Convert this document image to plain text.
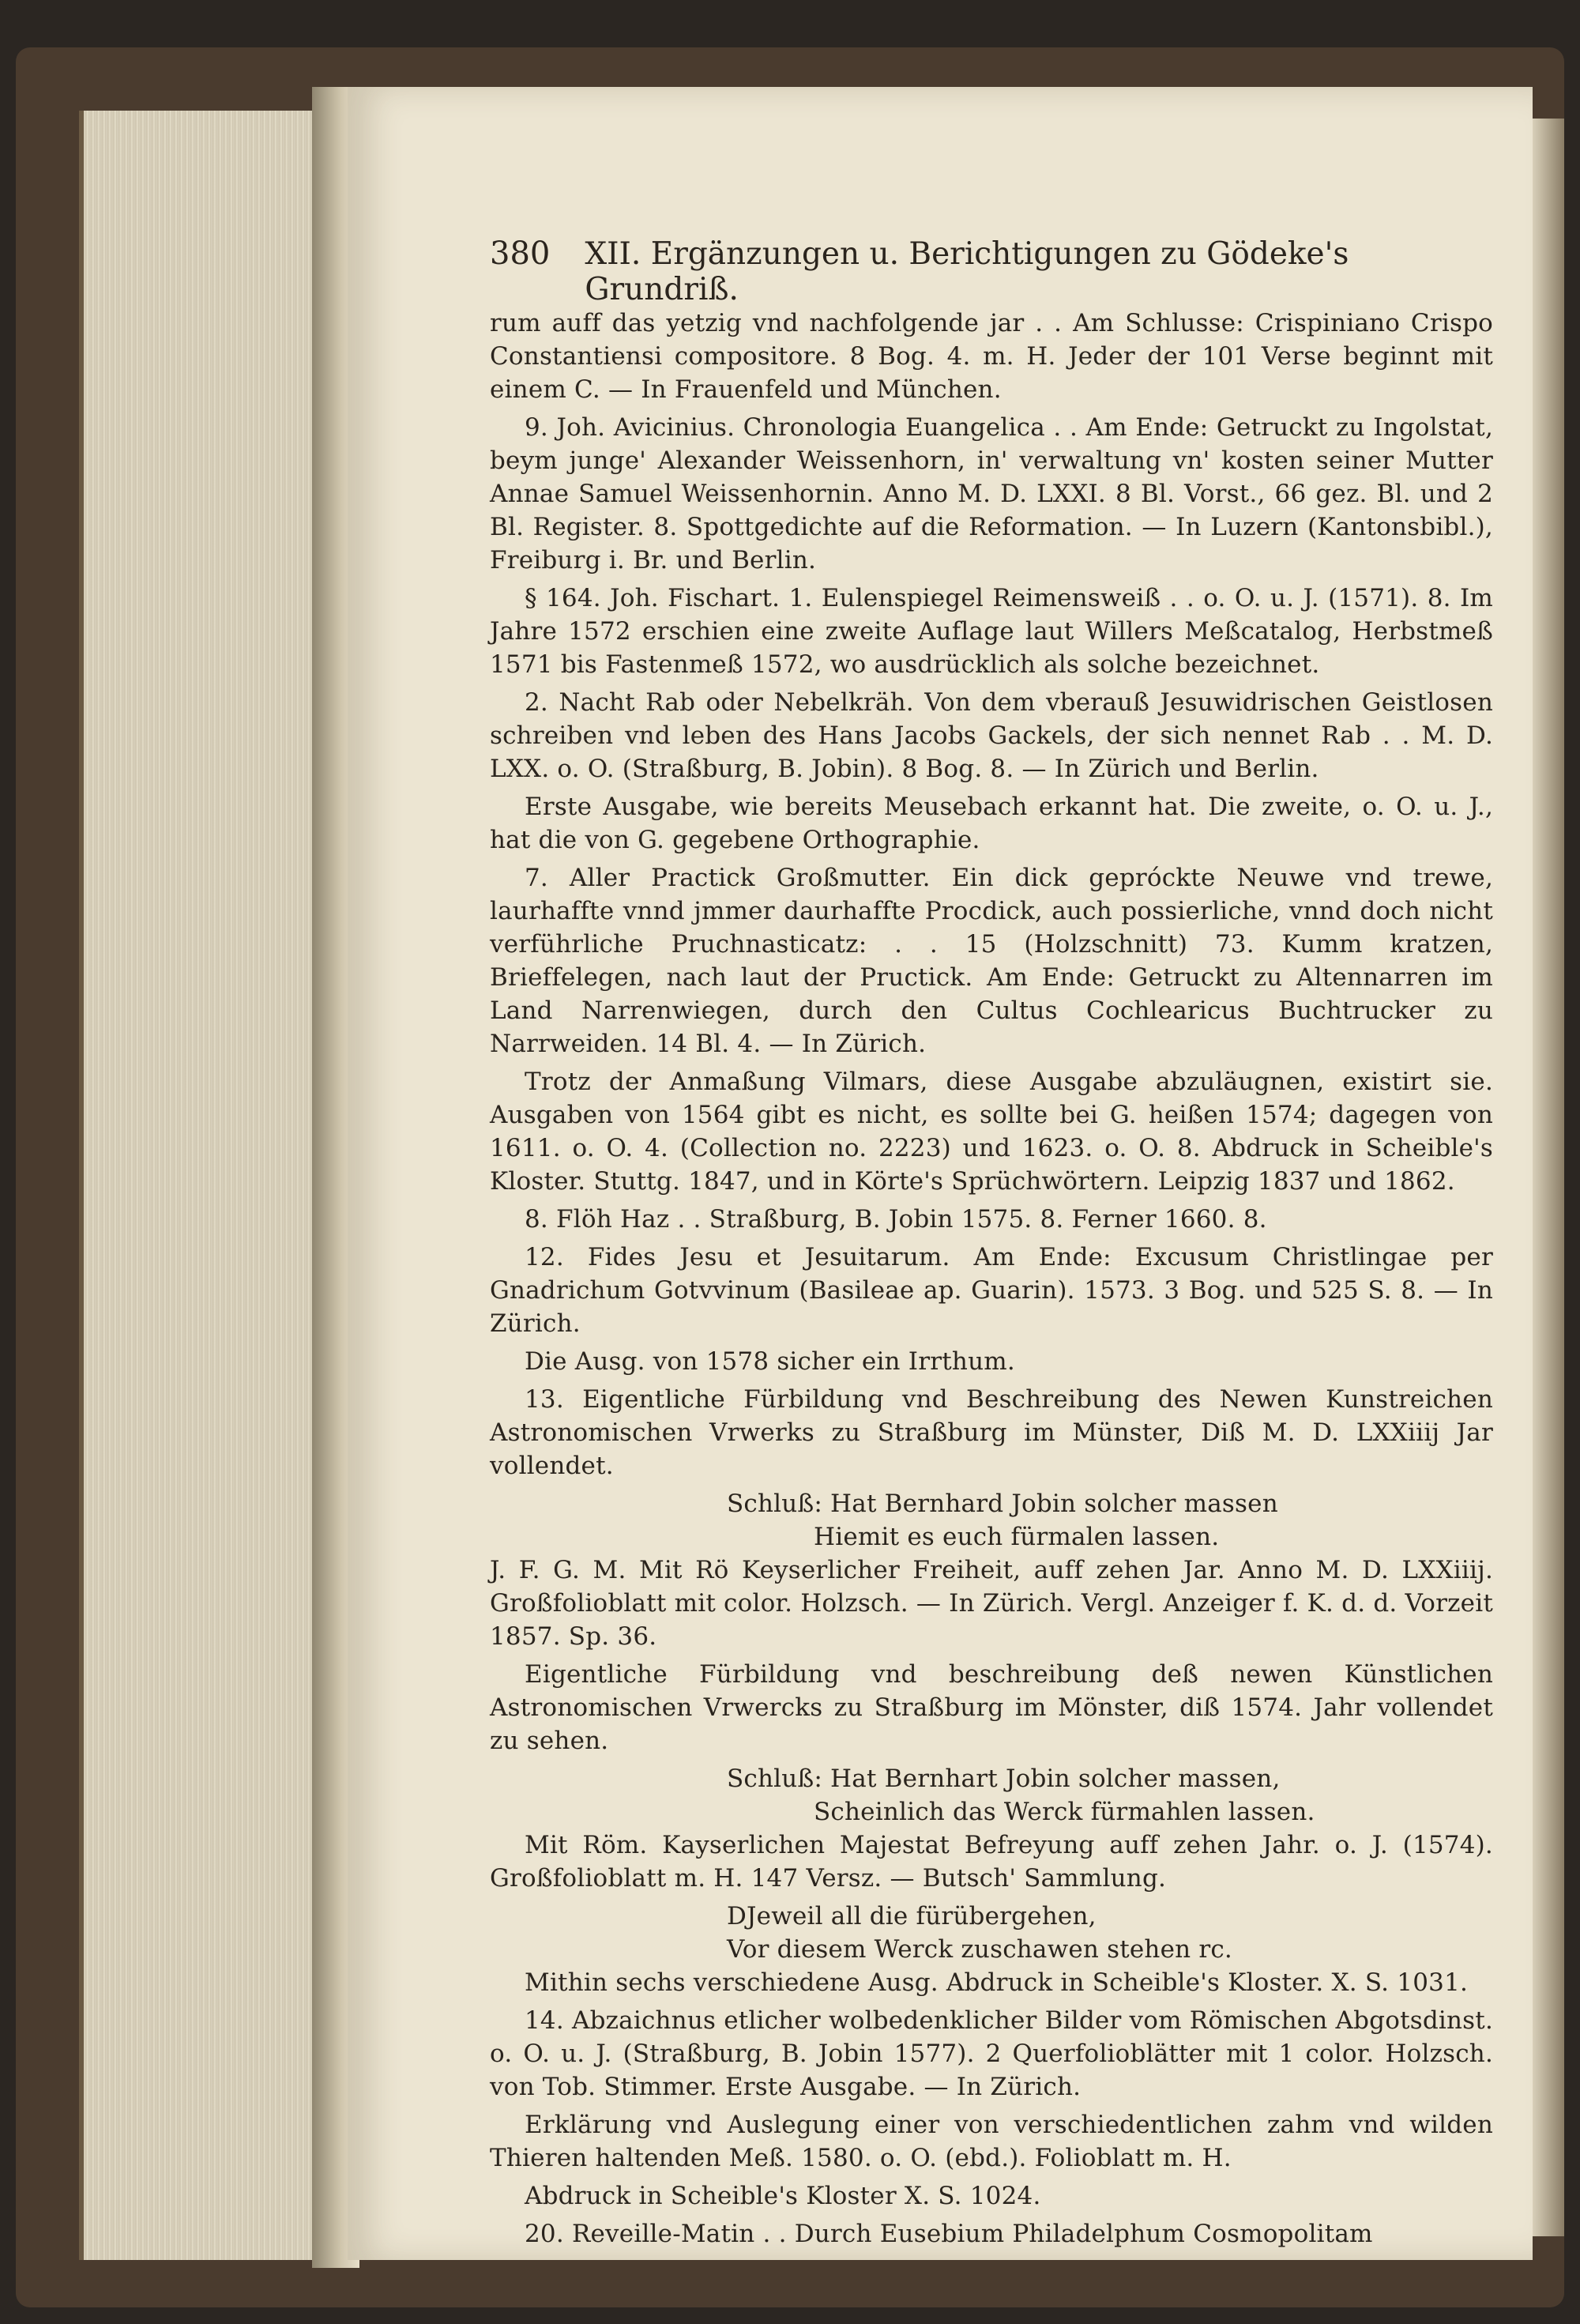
380 XII. Ergänzungen u. Berichtigungen zu Gödeke's Grundriß.

rum auff das yetzig vnd nachfolgende jar . . Am Schlusse: Crispiniano Crispo Constantiensi compositore. 8 Bog. 4. m. H. Jeder der 101 Verse beginnt mit einem C. — In Frauenfeld und München.

9. Joh. Avicinius. Chronologia Euangelica . . Am Ende: Getruckt zu Ingolstat, beym junge' Alexander Weissenhorn, in' verwaltung vn' kosten seiner Mutter Annae Samuel Weissenhornin. Anno M. D. LXXI. 8 Bl. Vorst., 66 gez. Bl. und 2 Bl. Register. 8. Spottgedichte auf die Reformation. — In Luzern (Kantonsbibl.), Freiburg i. Br. und Berlin.

§ 164. Joh. Fischart. 1. Eulenspiegel Reimensweiß . . o. O. u. J. (1571). 8. Im Jahre 1572 erschien eine zweite Auflage laut Willers Meßcatalog, Herbstmeß 1571 bis Fastenmeß 1572, wo ausdrücklich als solche bezeichnet.

2. Nacht Rab oder Nebelkräh. Von dem vberauß Jesuwidrischen Geistlosen schreiben vnd leben des Hans Jacobs Gackels, der sich nennet Rab . . M. D. LXX. o. O. (Straßburg, B. Jobin). 8 Bog. 8. — In Zürich und Berlin.

Erste Ausgabe, wie bereits Meusebach erkannt hat. Die zweite, o. O. u. J., hat die von G. gegebene Orthographie.

7. Aller Practick Großmutter. Ein dick gepróckte Neuwe vnd trewe, laurhaffte vnnd jmmer daurhaffte Procdick, auch possierliche, vnnd doch nicht verführliche Pruchnasticatz: . . 15 (Holzschnitt) 73. Kumm kratzen, Brieffelegen, nach laut der Pructick. Am Ende: Getruckt zu Altennarren im Land Narrenwiegen, durch den Cultus Cochlearicus Buchtrucker zu Narrweiden. 14 Bl. 4. — In Zürich.

Trotz der Anmaßung Vilmars, diese Ausgabe abzuläugnen, existirt sie. Ausgaben von 1564 gibt es nicht, es sollte bei G. heißen 1574; dagegen von 1611. o. O. 4. (Collection no. 2223) und 1623. o. O. 8. Abdruck in Scheible's Kloster. Stuttg. 1847, und in Körte's Sprüchwörtern. Leipzig 1837 und 1862.

8. Flöh Haz . . Straßburg, B. Jobin 1575. 8. Ferner 1660. 8.

12. Fides Jesu et Jesuitarum. Am Ende: Excusum Christlingae per Gnadrichum Gotvvinum (Basileae ap. Guarin). 1573. 3 Bog. und 525 S. 8. — In Zürich.

Die Ausg. von 1578 sicher ein Irrthum.

13. Eigentliche Fürbildung vnd Beschreibung des Newen Kunstreichen Astronomischen Vrwerks zu Straßburg im Münster, Diß M. D. LXXiiij Jar vollendet.

Schluß: Hat Bernhard Jobin solcher massen

Hiemit es euch fürmalen lassen.

J. F. G. M. Mit Rö Keyserlicher Freiheit, auff zehen Jar. Anno M. D. LXXiiij. Großfolioblatt mit color. Holzsch. — In Zürich. Vergl. Anzeiger f. K. d. d. Vorzeit 1857. Sp. 36.

Eigentliche Fürbildung vnd beschreibung deß newen Künstlichen Astronomischen Vrwercks zu Straßburg im Mönster, diß 1574. Jahr vollendet zu sehen.

Schluß: Hat Bernhart Jobin solcher massen,

Scheinlich das Werck fürmahlen lassen.

Mit Röm. Kayserlichen Majestat Befreyung auff zehen Jahr. o. J. (1574). Großfolioblatt m. H. 147 Versz. — Butsch' Sammlung.

DJeweil all die fürübergehen,

Vor diesem Werck zuschawen stehen rc.

Mithin sechs verschiedene Ausg. Abdruck in Scheible's Kloster. X. S. 1031.

14. Abzaichnus etlicher wolbedenklicher Bilder vom Römischen Abgotsdinst. o. O. u. J. (Straßburg, B. Jobin 1577). 2 Querfolioblätter mit 1 color. Holzsch. von Tob. Stimmer. Erste Ausgabe. — In Zürich.

Erklärung vnd Auslegung einer von verschiedentlichen zahm vnd wilden Thieren haltenden Meß. 1580. o. O. (ebd.). Folioblatt m. H.

Abdruck in Scheible's Kloster X. S. 1024.

20. Reveille-Matin . . Durch Eusebium Philadelphum Cosmopolitam
